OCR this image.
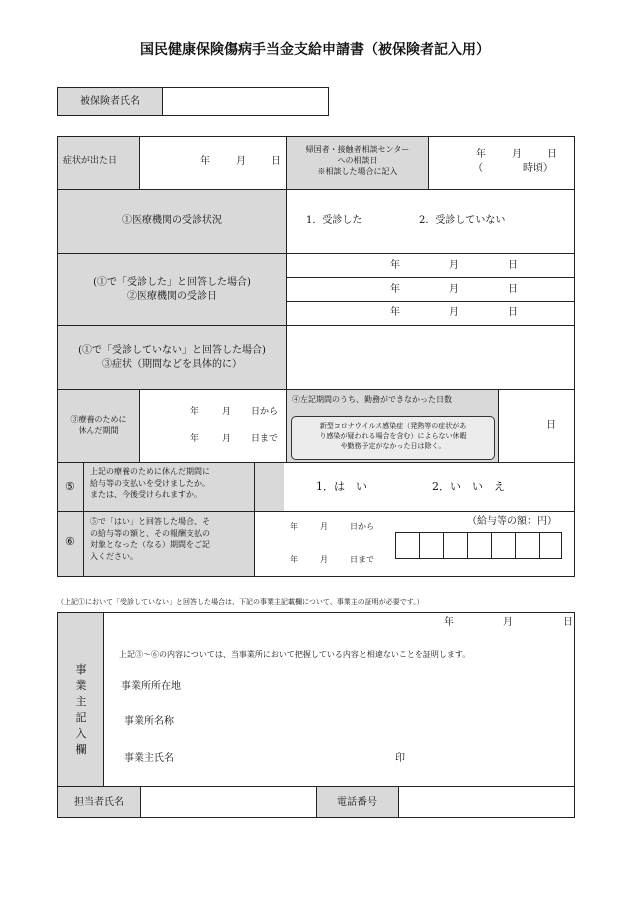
国民健康保険傷病手当金支給申請書（被保険者記入用）
被保険者氏名
症状が出た日	年	月	日
帰国者・接触者相談センター
への相談日
※相談した場合に記入
年	月	日
（　　　　時頃）
①医療機関の受診状況	1．受診した	2．受診していない
(①で「受診した」と回答した場合)
②医療機関の受診日
年	月	日
年	月	日
年	月	日
(①で「受診していない」と回答した場合)
③症状（期間などを具体的に）
③療養のために
休んだ期間
年	月 日から
年	月 日まで
④左記期間のうち、勤務ができなかった日数
新型コロナウイルス感染症（発熱等の症状があ
り感染が疑われる場合を含む）によらない休暇
や勤務予定がなかった日は除く。
日
⑤
上記の療養のために休んだ期間に
給与等の支払いを受けましたか。
または、今後受けられますか。
1．は　い	2．い　い　え
⑥
⑤で「はい」と回答した場合、そ
の給与等の額と、その報酬支払の
対象となった（なる）期間をご記
入ください。
年	月	日から
年	月	日まで
（給与等の額：円）
（上記①において「受診していない」と回答した場合は、下記の事業主記載欄について、事業主の証明が必要です。）
事業主記入欄
年	月	日
上記③～⑥の内容については、当事業所において把握している内容と相違ないことを証明します。
事業所所在地
事業所名称
事業主氏名	印
担当者氏名	電話番号
